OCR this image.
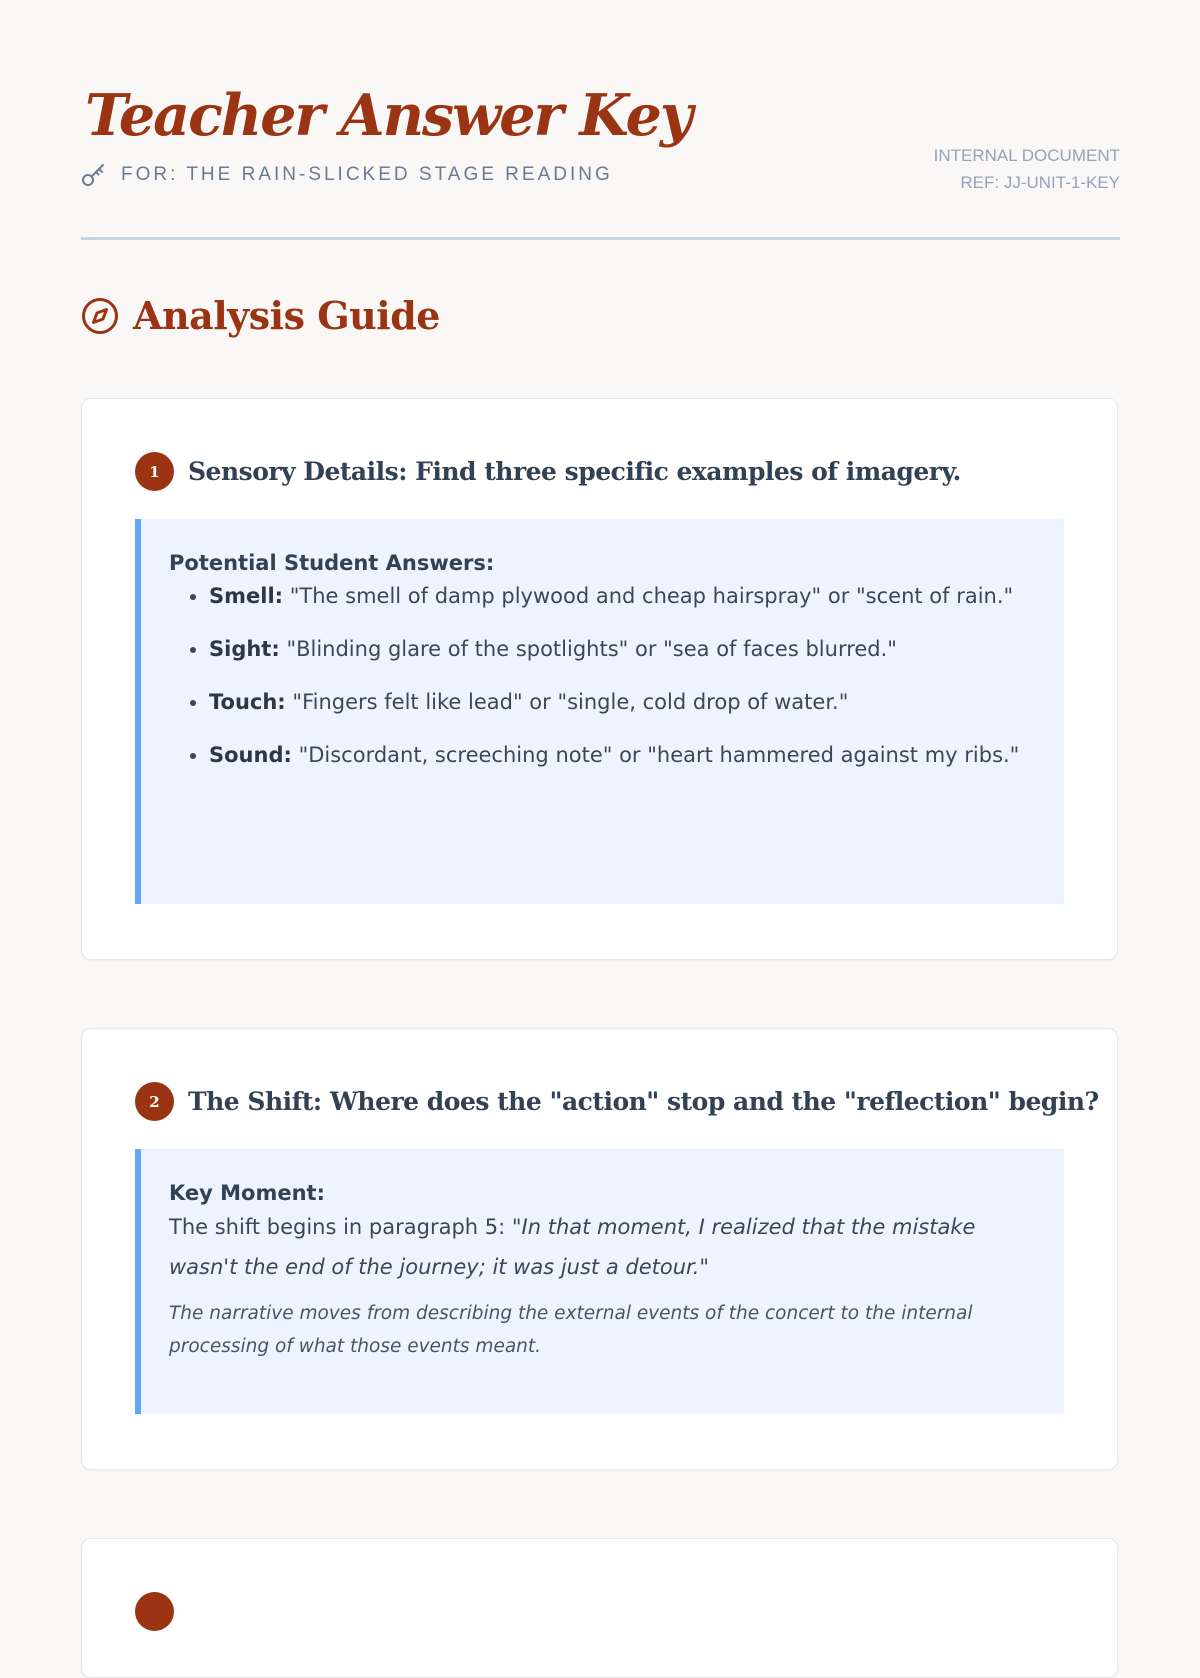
Teacher Answer Key
FOR: THE RAIN-SLICKED STAGE READING
INTERNAL DOCUMENT
REF: JJ-UNIT-1-KEY
Analysis Guide
1	Sensory Details: Find three specific examples of imagery.

Potential Student Answers:

• Smell: "The smell of damp plywood and cheap hairspray" or "scent of rain."
• Sight: "Blinding glare of the spotlights" or "sea of faces blurred."
• Touch: "Fingers felt like lead" or "single, cold drop of water."
• Sound: "Discordant, screeching note" or "heart hammered against my ribs."
2	The Shift: Where does the "action" stop and the "reflection" begin?

Key Moment:

The shift begins in paragraph 5: "In that moment, I realized that the mistake wasn't the end of the journey; it was just a detour."

The narrative moves from describing the external events of the concert to the internal processing of what those events meant.
